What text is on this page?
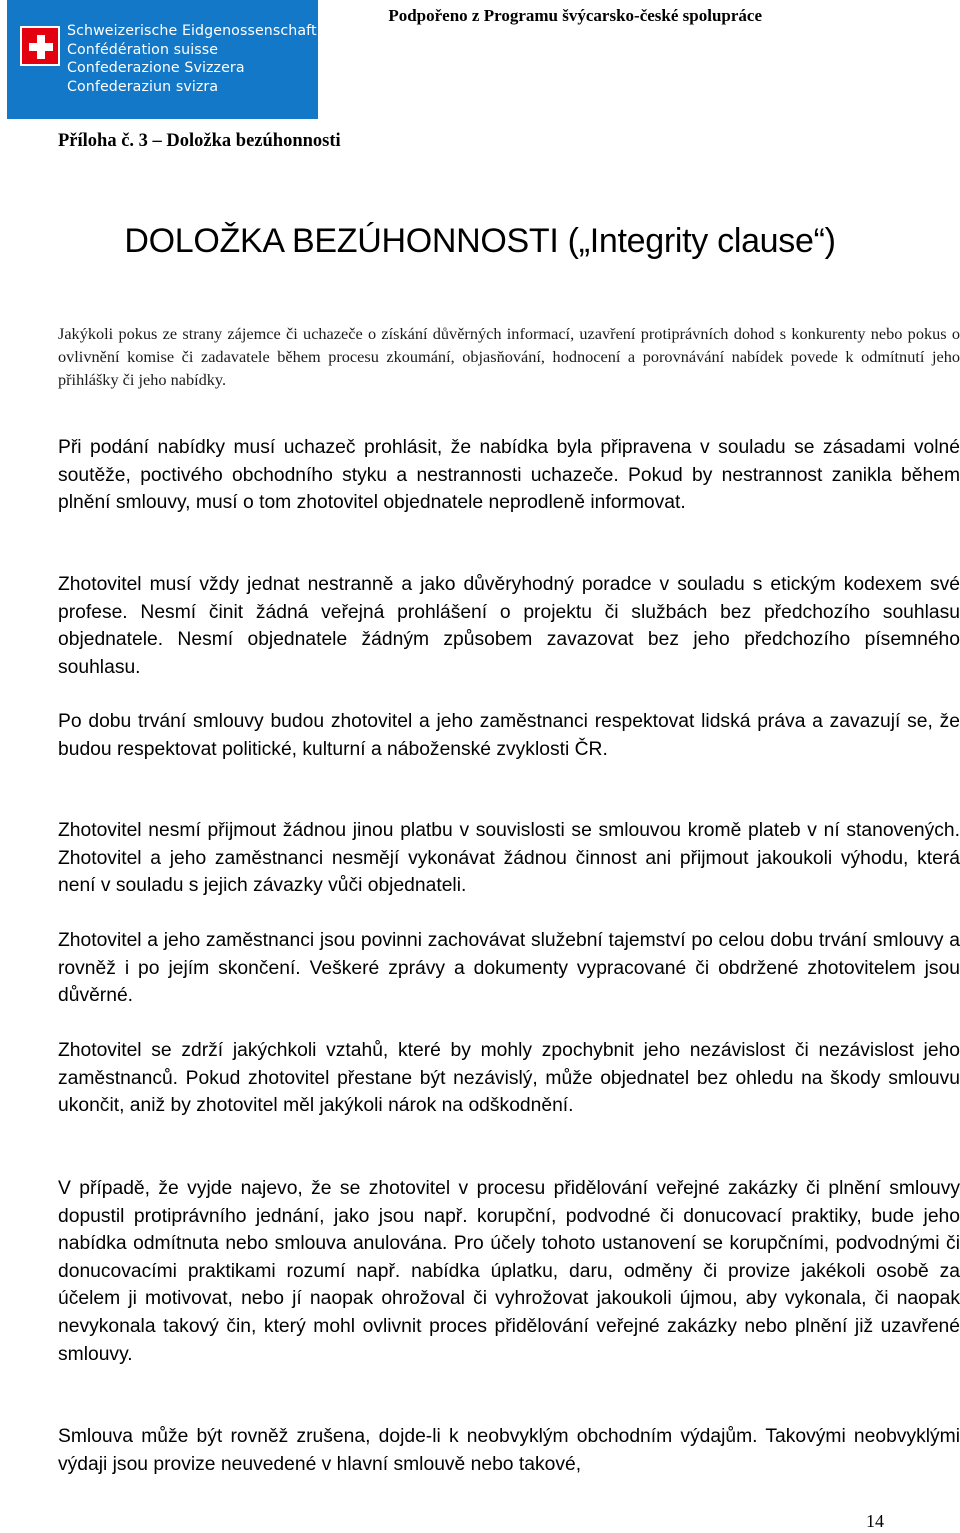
Schweizerische Eidgenossenschaft
Confédération suisse
Confederazione Svizzera
Confederaziun svizra
Podpořeno z Programu švýcarsko-české spolupráce
Příloha č. 3 – Doložka bezúhonnosti
DOLOŽKA BEZÚHONNOSTI („Integrity clause“)
Jakýkoli pokus ze strany zájemce či uchazeče o získání důvěrných informací, uzavření protiprávních dohod s konkurenty nebo pokus o ovlivnění komise či zadavatele během procesu zkoumání, objasňování, hodnocení a porovnávání nabídek povede k odmítnutí jeho přihlášky či jeho nabídky.
Při podání nabídky musí uchazeč prohlásit, že nabídka byla připravena v souladu se zásadami volné soutěže, poctivého obchodního styku a nestrannosti uchazeče. Pokud by nestrannost zanikla během plnění smlouvy, musí o tom zhotovitel objednatele neprodleně informovat.
Zhotovitel musí vždy jednat nestranně a jako důvěryhodný poradce v souladu s etickým kodexem své profese. Nesmí činit žádná veřejná prohlášení o projektu či službách bez předchozího souhlasu objednatele. Nesmí objednatele žádným způsobem zavazovat bez jeho předchozího písemného souhlasu.
Po dobu trvání smlouvy budou zhotovitel a jeho zaměstnanci respektovat lidská práva a zavazují se, že budou respektovat politické, kulturní a náboženské zvyklosti ČR.
Zhotovitel nesmí přijmout žádnou jinou platbu v souvislosti se smlouvou kromě plateb v ní stanovených. Zhotovitel a jeho zaměstnanci nesmějí vykonávat žádnou činnost ani přijmout jakoukoli výhodu, která není v souladu s jejich závazky vůči objednateli.
Zhotovitel a jeho zaměstnanci jsou povinni zachovávat služební tajemství po celou dobu trvání smlouvy a rovněž i po jejím skončení. Veškeré zprávy a dokumenty vypracované či obdržené zhotovitelem jsou důvěrné.
Zhotovitel se zdrží jakýchkoli vztahů, které by mohly zpochybnit jeho nezávislost či nezávislost jeho zaměstnanců. Pokud zhotovitel přestane být nezávislý, může objednatel bez ohledu na škody smlouvu ukončit, aniž by zhotovitel měl jakýkoli nárok na odškodnění.
V případě, že vyjde najevo, že se zhotovitel v procesu přidělování veřejné zakázky či plnění smlouvy dopustil protiprávního jednání, jako jsou např. korupční, podvodné či donucovací praktiky, bude jeho nabídka odmítnuta nebo smlouva anulována. Pro účely tohoto ustanovení se korupčními, podvodnými či donucovacími praktikami rozumí např. nabídka úplatku, daru, odměny či provize jakékoli osobě za účelem ji motivovat, nebo jí naopak ohrožoval či vyhrožovat jakoukoli újmou, aby vykonala, či naopak nevykonala takový čin, který mohl ovlivnit proces přidělování veřejné zakázky nebo plnění již uzavřené smlouvy.
Smlouva může být rovněž zrušena, dojde-li k neobvyklým obchodním výdajům. Takovými neobvyklými výdaji jsou provize neuvedené v hlavní smlouvě nebo takové,
14
